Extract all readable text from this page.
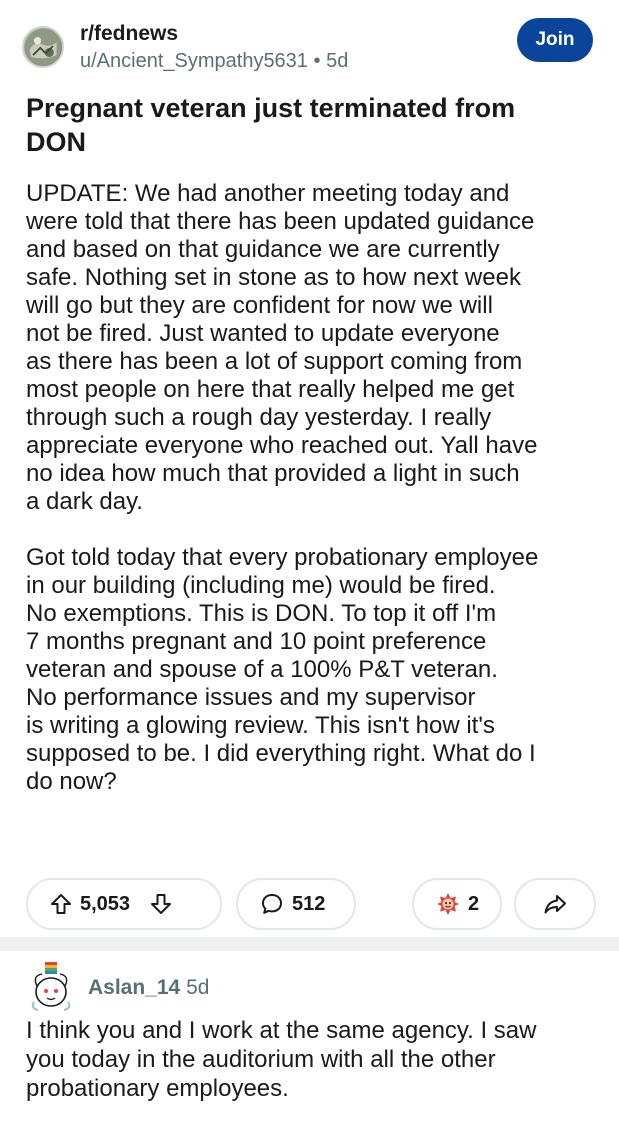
r/fednews
u/Ancient_Sympathy5631 • 5d
Join
Pregnant veteran just terminated from
DON

UPDATE: We had another meeting today and
were told that there has been updated guidance
and based on that guidance we are currently
safe. Nothing set in stone as to how next week
will go but they are confident for now we will
not be fired. Just wanted to update everyone
as there has been a lot of support coming from
most people on here that really helped me get
through such a rough day yesterday. I really
appreciate everyone who reached out. Yall have
no idea how much that provided a light in such
a dark day.

Got told today that every probationary employee
in our building (including me) would be fired.
No exemptions. This is DON. To top it off I'm
7 months pregnant and 10 point preference
veteran and spouse of a 100% P&T veteran.
No performance issues and my supervisor
is writing a glowing review. This isn't how it's
supposed to be. I did everything right. What do I
do now?

5,053	512	2
Aslan_14 5d
I think you and I work at the same agency. I saw
you today in the auditorium with all the other
probationary employees.
